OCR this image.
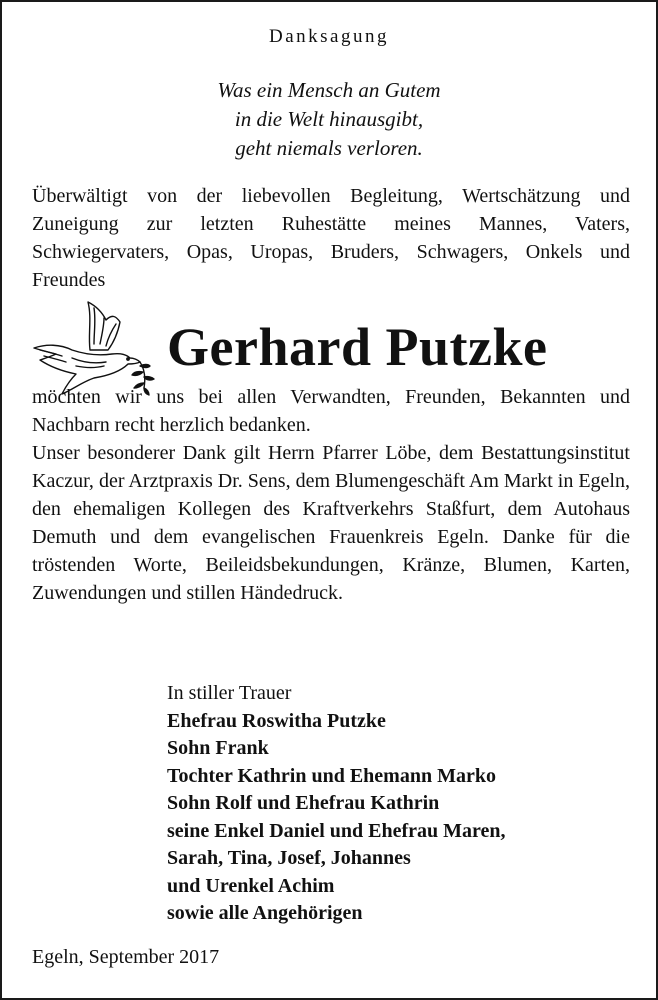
Danksagung
Was ein Mensch an Gutem
in die Welt hinausgibt,
geht niemals verloren.

Überwältigt von der liebevollen Begleitung, Wertschätzung und Zuneigung zur letzten Ruhestätte meines Mannes, Vaters, Schwiegervaters, Opas, Uropas, Bruders, Schwagers, Onkels und Freundes

Gerhard Putzke

möchten wir uns bei allen Verwandten, Freunden, Bekannten und Nachbarn recht herzlich bedanken.

Unser besonderer Dank gilt Herrn Pfarrer Löbe, dem Bestattungsinstitut Kaczur, der Arztpraxis Dr. Sens, dem Blumengeschäft Am Markt in Egeln, den ehemaligen Kollegen des Kraftverkehrs Staßfurt, dem Autohaus Demuth und dem evangelischen Frauenkreis Egeln. Danke für die tröstenden Worte, Beileidsbekundungen, Kränze, Blumen, Karten, Zuwendungen und stillen Händedruck.

In stiller Trauer
Ehefrau Roswitha Putzke
Sohn Frank
Tochter Kathrin und Ehemann Marko
Sohn Rolf und Ehefrau Kathrin
seine Enkel Daniel und Ehefrau Maren,
Sarah, Tina, Josef, Johannes
und Urenkel Achim
sowie alle Angehörigen
Egeln, September 2017
